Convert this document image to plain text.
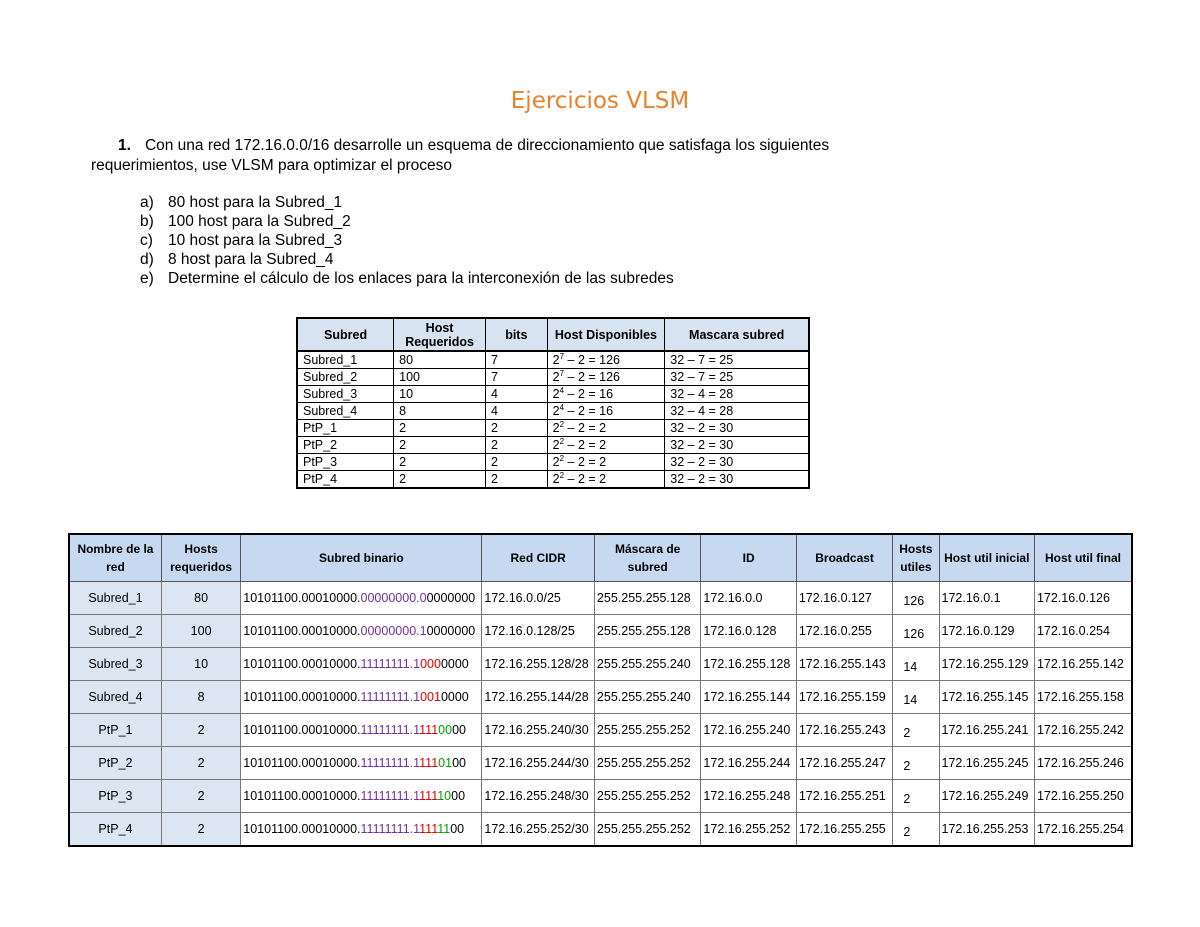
Ejercicios VLSM
1. Con una red 172.16.0.0/16 desarrolle un esquema de direccionamiento que satisfaga los siguientes requerimientos, use VLSM para optimizar el proceso
a) 80 host para la Subred_1
b) 100 host para la Subred_2
c) 10 host para la Subred_3
d) 8 host para la Subred_4
e) Determine el cálculo de los enlaces para la interconexión de las subredes
Subred	Host Requeridos	bits	Host Disponibles	Mascara subred
Subred_1	80	7	$2^7 - 2 = 126$	32 – 7 = 25
Subred_2	100	7	$2^7 - 2 = 126$	32 – 7 = 25
Subred_3	10	4	$2^4 - 2 = 16$	32 – 4 = 28
Subred_4	8	4	$2^4 - 2 = 16$	32 – 4 = 28
PtP_1	2	2	$2^2 - 2 = 2$	32 – 2 = 30
PtP_2	2	2	$2^2 - 2 = 2$	32 – 2 = 30
PtP_3	2	2	$2^2 - 2 = 2$	32 – 2 = 30
PtP_4	2	2	$2^2 - 2 = 2$	32 – 2 = 30
Nombre de la red	Hosts requeridos	Subred binario	Red CIDR	Máscara de subred	ID	Broadcast	Hosts utiles	Host util inicial	Host util final
Subred_1	80	10101100.00010000.00000000.00000000	172.16.0.0/25	255.255.255.128	172.16.0.0	172.16.0.127	126	172.16.0.1	172.16.0.126
Subred_2	100	10101100.00010000.00000000.10000000	172.16.0.128/25	255.255.255.128	172.16.0.128	172.16.0.255	126	172.16.0.129	172.16.0.254
Subred_3	10	10101100.00010000.11111111.10000000	172.16.255.128/28	255.255.255.240	172.16.255.128	172.16.255.143	14	172.16.255.129	172.16.255.142
Subred_4	8	10101100.00010000.11111111.10010000	172.16.255.144/28	255.255.255.240	172.16.255.144	172.16.255.159	14	172.16.255.145	172.16.255.158
PtP_1	2	10101100.00010000.11111111.11110000	172.16.255.240/30	255.255.255.252	172.16.255.240	172.16.255.243	2	172.16.255.241	172.16.255.242
PtP_2	2	10101100.00010000.11111111.11110100	172.16.255.244/30	255.255.255.252	172.16.255.244	172.16.255.247	2	172.16.255.245	172.16.255.246
PtP_3	2	10101100.00010000.11111111.11111000	172.16.255.248/30	255.255.255.252	172.16.255.248	172.16.255.251	2	172.16.255.249	172.16.255.250
PtP_4	2	10101100.00010000.11111111.11111100	172.16.255.252/30	255.255.255.252	172.16.255.252	172.16.255.255	2	172.16.255.253	172.16.255.254
